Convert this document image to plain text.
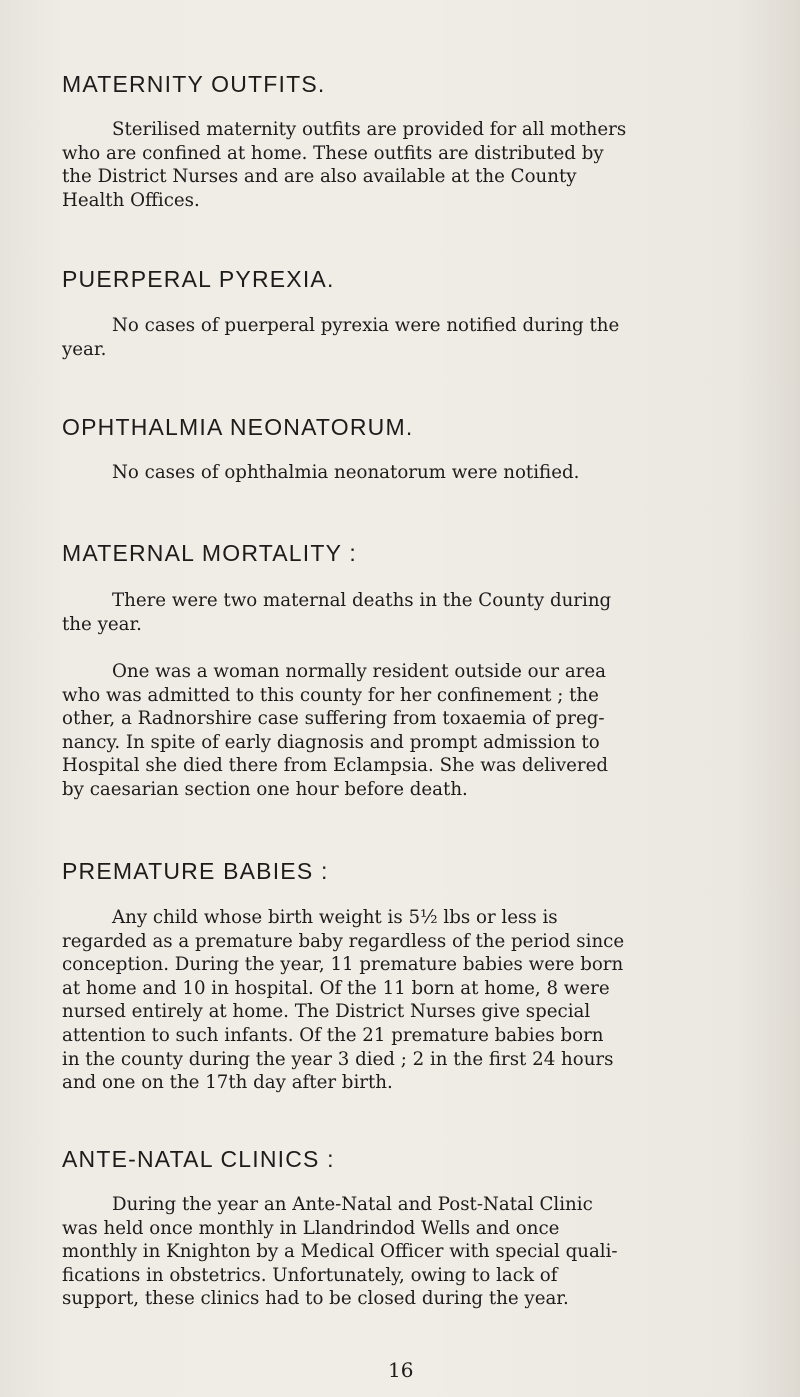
MATERNITY OUTFITS.

Sterilised maternity outfits are provided for all mothers
who are confined at home. These outfits are distributed by
the District Nurses and are also available at the County
Health Offices.

PUERPERAL PYREXIA.

No cases of puerperal pyrexia were notified during the
year.

OPHTHALMIA NEONATORUM.

No cases of ophthalmia neonatorum were notified.

MATERNAL MORTALITY :

There were two maternal deaths in the County during
the year.

One was a woman normally resident outside our area
who was admitted to this county for her confinement ; the
other, a Radnorshire case suffering from toxaemia of preg-
nancy. In spite of early diagnosis and prompt admission to
Hospital she died there from Eclampsia. She was delivered
by caesarian section one hour before death.

PREMATURE BABIES :

Any child whose birth weight is 5½ lbs or less is
regarded as a premature baby regardless of the period since
conception. During the year, 11 premature babies were born
at home and 10 in hospital. Of the 11 born at home, 8 were
nursed entirely at home. The District Nurses give special
attention to such infants. Of the 21 premature babies born
in the county during the year 3 died ; 2 in the first 24 hours
and one on the 17th day after birth.

ANTE-NATAL CLINICS :

During the year an Ante-Natal and Post-Natal Clinic
was held once monthly in Llandrindod Wells and once
monthly in Knighton by a Medical Officer with special quali-
fications in obstetrics. Unfortunately, owing to lack of
support, these clinics had to be closed during the year.

16
